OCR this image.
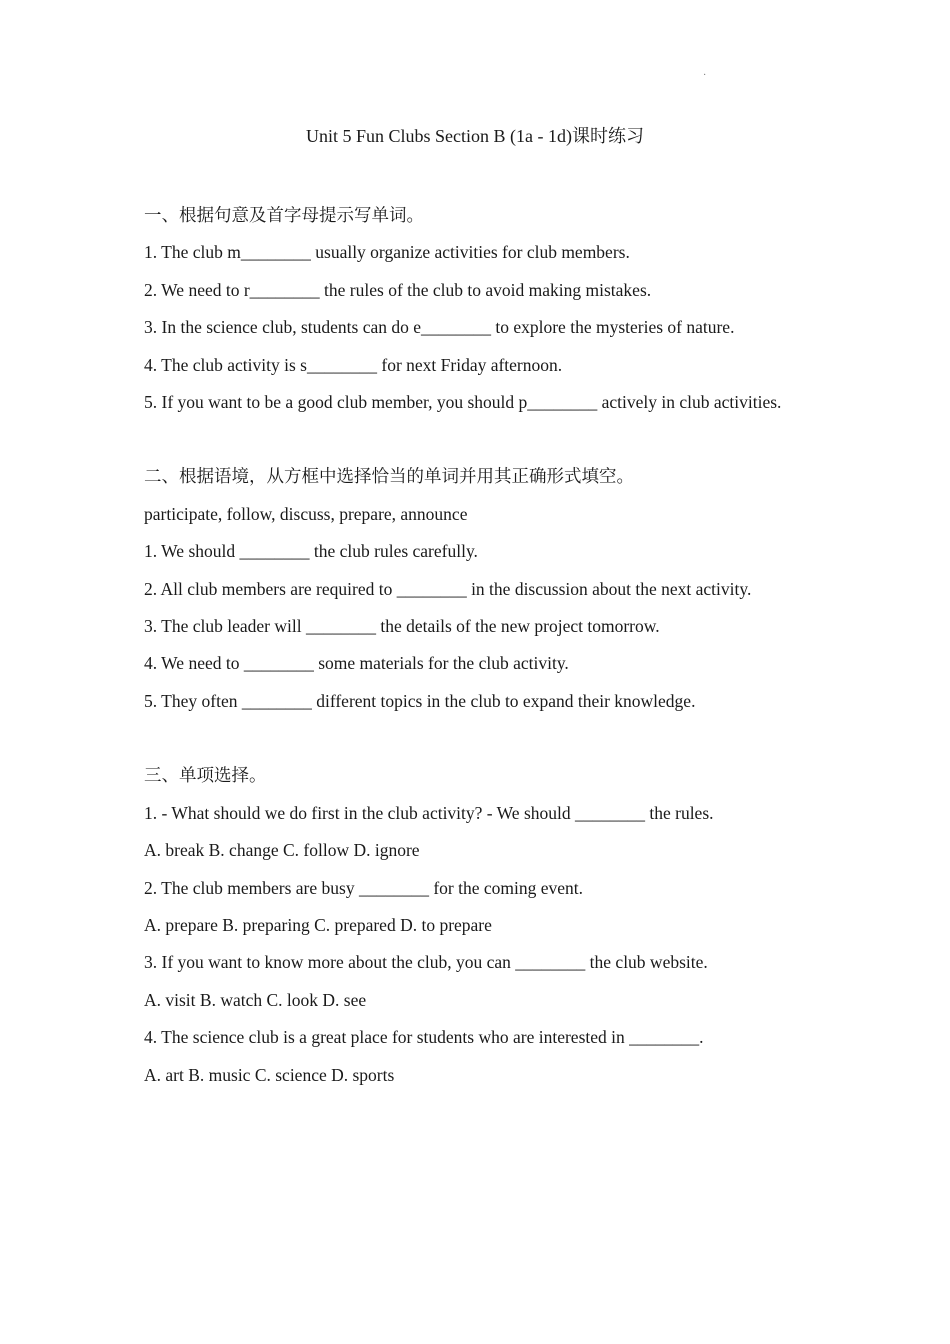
·
Unit 5 Fun Clubs Section B (1a - 1d)课时练习
一、根据句意及首字母提示写单词。
1. The club m________ usually organize activities for club members.
2. We need to r________ the rules of the club to avoid making mistakes.
3. In the science club, students can do e________ to explore the mysteries of nature.
4. The club activity is s________ for next Friday afternoon.
5. If you want to be a good club member, you should p________ actively in club activities.
二、根据语境，从方框中选择恰当的单词并用其正确形式填空。
participate, follow, discuss, prepare, announce
1. We should ________ the club rules carefully.
2. All club members are required to ________ in the discussion about the next activity.
3. The club leader will ________ the details of the new project tomorrow.
4. We need to ________ some materials for the club activity.
5. They often ________ different topics in the club to expand their knowledge.
三、单项选择。
1. - What should we do first in the club activity? - We should ________ the rules.
A. break B. change C. follow D. ignore
2. The club members are busy ________ for the coming event.
A. prepare B. preparing C. prepared D. to prepare
3. If you want to know more about the club, you can ________ the club website.
A. visit B. watch C. look D. see
4. The science club is a great place for students who are interested in ________.
A. art B. music C. science D. sports
